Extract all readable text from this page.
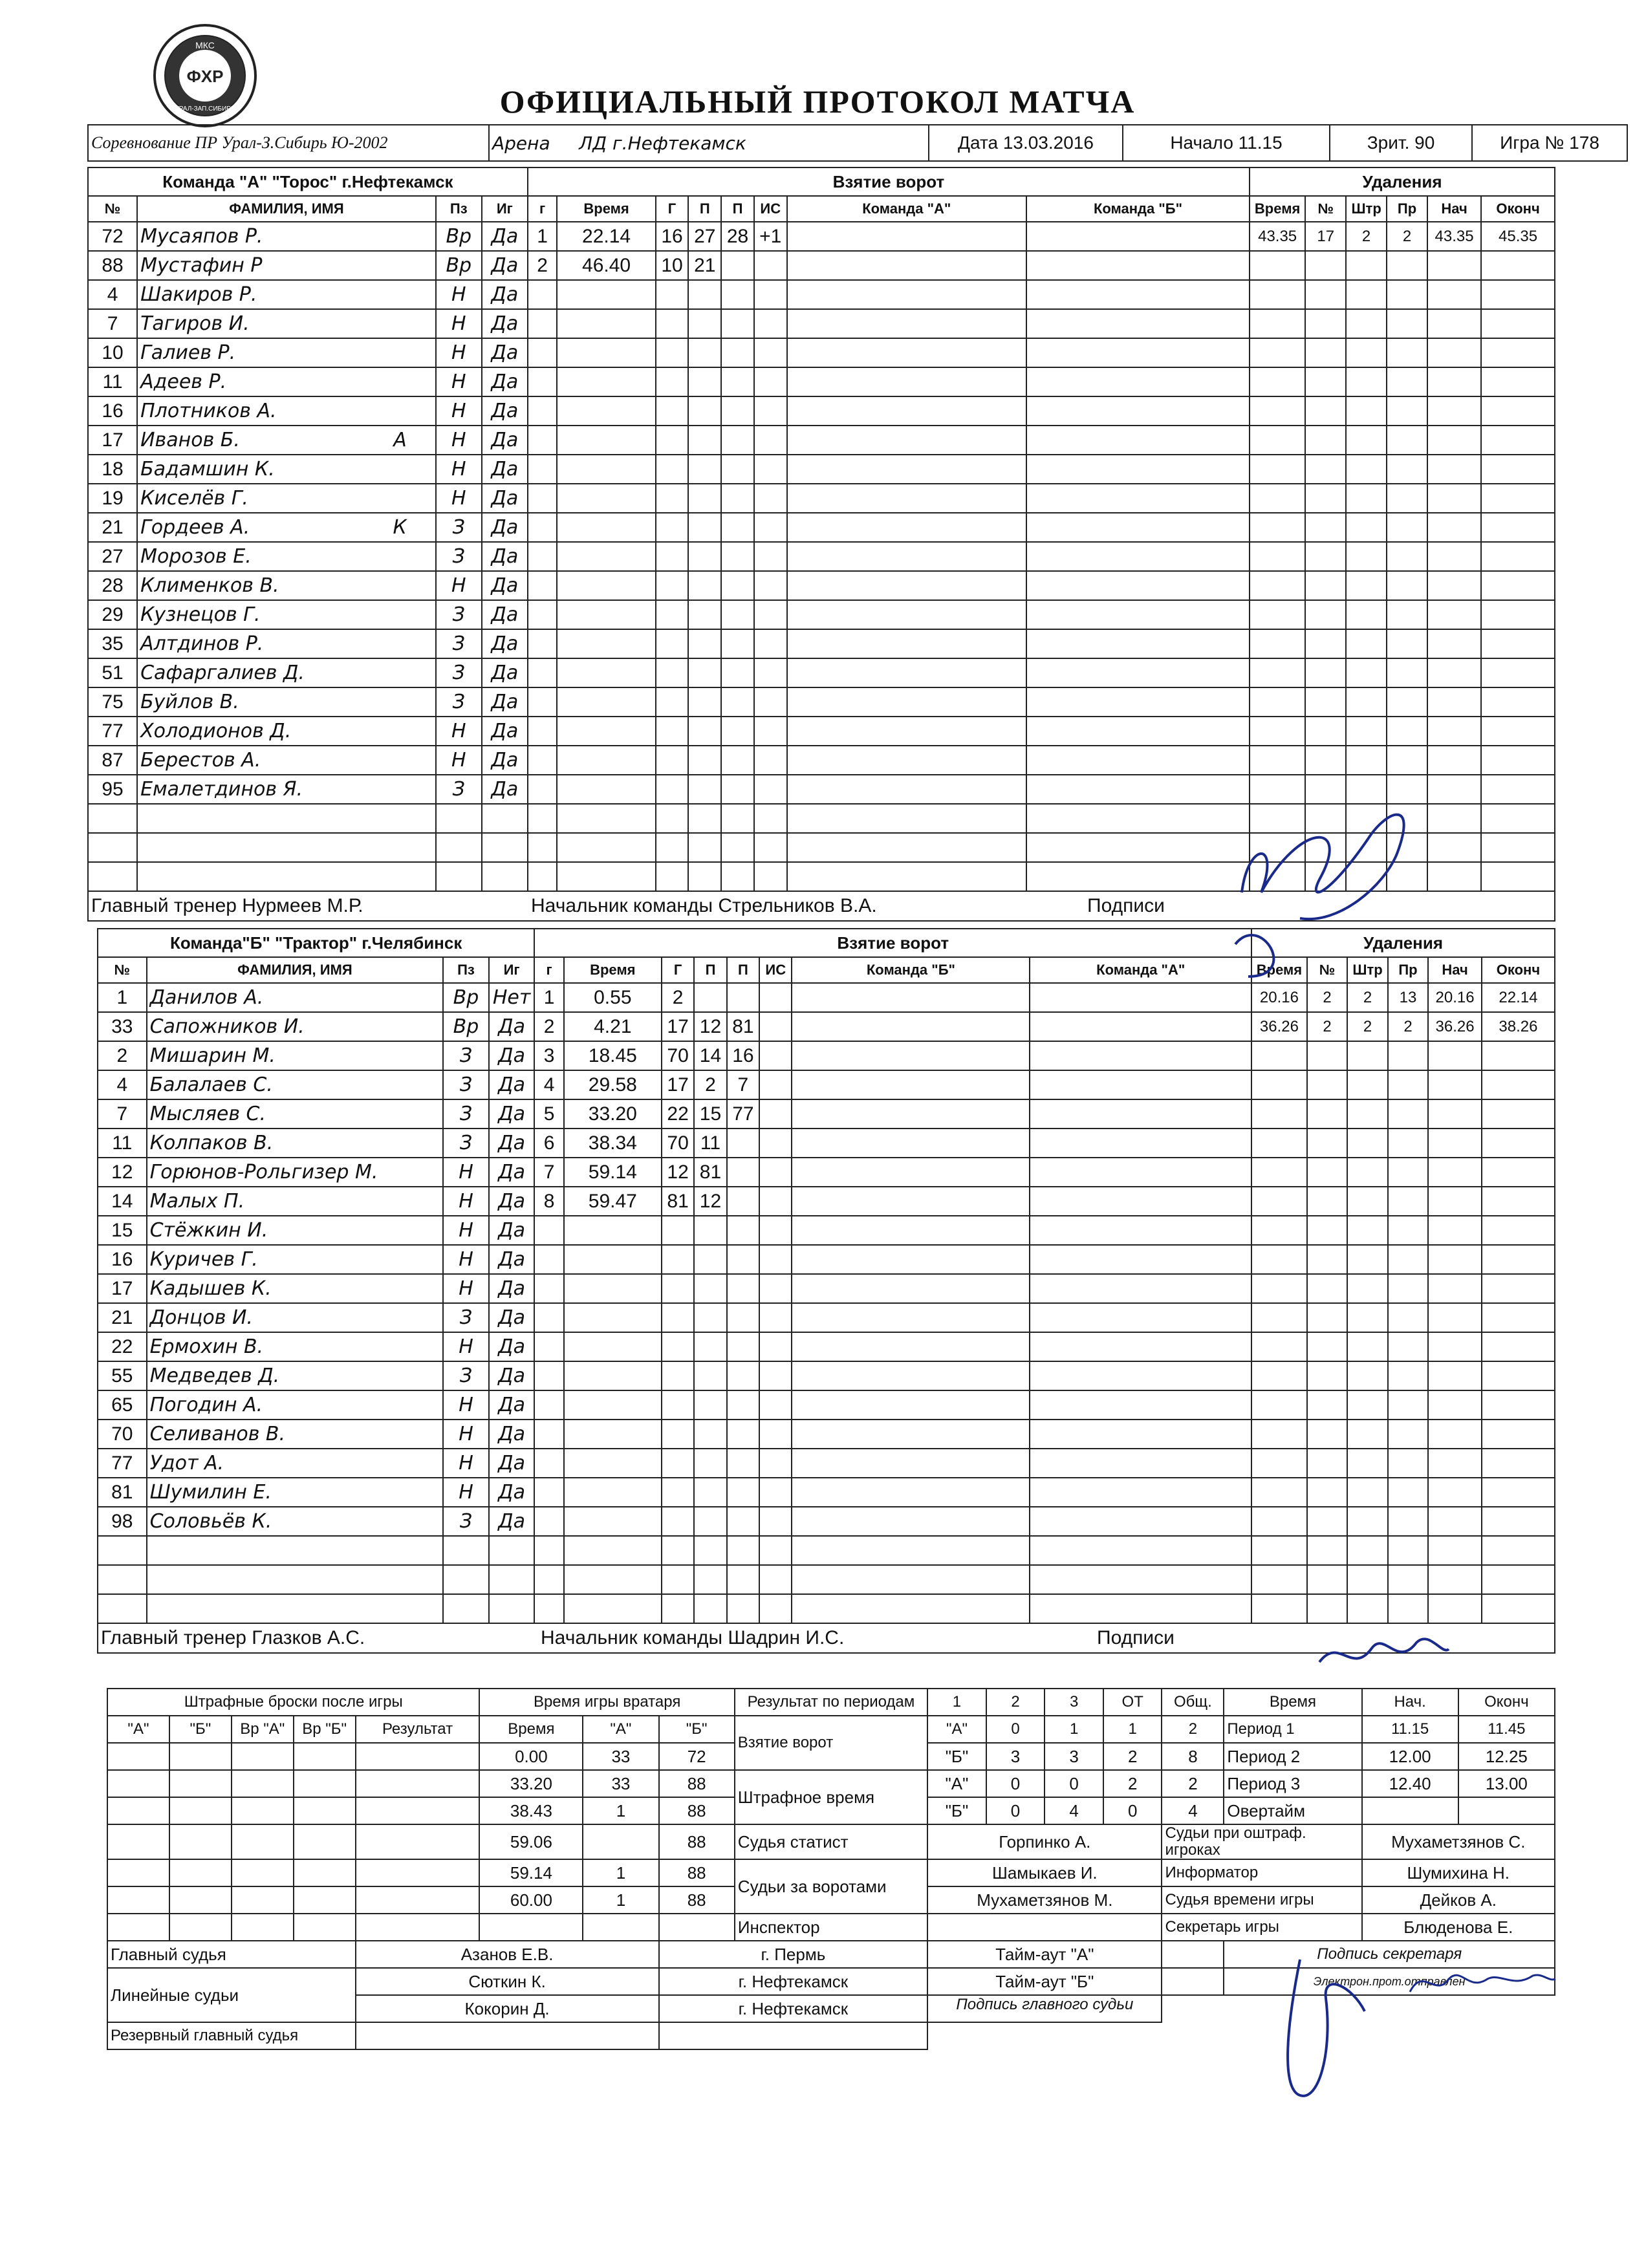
ФХР
МКС
УРАЛ-ЗАП.СИБИРЬ	ОФИЦИАЛЬНЫЙ ПРОТОКОЛ МАТЧА
Соревнование ПР Урал-З.Сибирь Ю-2002	Арена ЛД г.Нефтекамск	Дата 13.03.2016	Начало 11.15	Зрит. 90	Игра № 178
Команда "А" "Торос" г.Нефтекамск				Взятие ворот								Удаления					
№	ФАМИЛИЯ, ИМЯ	Пз	Иг	г	Время	Г	П	П	ИС	Команда "А"	Команда "Б"	Время	№	Штр	Пр	Нач	Оконч
72	Мусаяпов Р.	Вр	Да	1	22.14	16	27	28	+1			43.35	17	2	2	43.35	45.35
88	Мустафин Р	Вр	Да	2	46.40	10	21										
4	Шакиров Р.	Н	Да														
7	Тагиров И.	Н	Да														
10	Галиев Р.	Н	Да														
11	Адеев Р.	Н	Да														
16	Плотников А.	Н	Да														
17	Иванов Б. А	Н	Да														
18	Бадамшин К.	Н	Да														
19	Киселёв Г.	Н	Да														
21	Гордеев А. К	З	Да														
27	Морозов Е.	З	Да														
28	Клименков В.	Н	Да														
29	Кузнецов Г.	З	Да														
35	Алтдинов Р.	З	Да														
51	Сафаргалиев Д.	З	Да														
75	Буйлов В.	З	Да														
77	Холодионов Д.	Н	Да														
87	Берестов А.	Н	Да														
95	Емалетдинов Я.	З	Да														

Главный тренер Нурмеев М.Р. Начальник команды Стрельников В.А. Подписи																	
Команда"Б" "Трактор" г.Челябинск				Взятие ворот								Удаления					
№	ФАМИЛИЯ, ИМЯ	Пз	Иг	г	Время	Г	П	П	ИС	Команда "Б"	Команда "А"	Время	№	Штр	Пр	Нач	Оконч
1	Данилов А.	Вр	Нет	1	0.55	2						20.16	2	2	13	20.16	22.14
33	Сапожников И.	Вр	Да	2	4.21	17	12	81				36.26	2	2	2	36.26	38.26
2	Мишарин М.	З	Да	3	18.45	70	14	16									
4	Балалаев С.	З	Да	4	29.58	17	2	7									
7	Мысляев С.	З	Да	5	33.20	22	15	77									
11	Колпаков В.	З	Да	6	38.34	70	11										
12	Горюнов-Рольгизер М.	Н	Да	7	59.14	12	81										
14	Малых П.	Н	Да	8	59.47	81	12										
15	Стёжкин И.	Н	Да														
16	Куричев Г.	Н	Да														
17	Кадышев К.	Н	Да														
21	Донцов И.	З	Да														
22	Ермохин В.	Н	Да														
55	Медведев Д.	З	Да														
65	Погодин А.	Н	Да														
70	Селиванов В.	Н	Да														
77	Удот А.	Н	Да														
81	Шумилин Е.	Н	Да														
98	Соловьёв К.	З	Да														

Главный тренер Глазков А.С. Начальник команды Шадрин И.С. Подписи																	
Штрафные броски после игры					Время игры вратаря			Результат по периодам	1	2	3	ОТ	Общ.	Время	Нач.	Оконч
"А"	"Б"	Вр "А"	Вр "Б"	Результат	Время	"А"	"Б"	Взятие ворот	"А"	0	1	1	2	Период 1	11.15	11.45
					0.00	33	72		"Б"	3	3	2	8	Период 2	12.00	12.25
					33.20	33	88	Штрафное время	"А"	0	0	2	2	Период 3	12.40	13.00
					38.43	1	88		"Б"	0	4	0	4	Овертайм		
					59.06		88	Судья статист	Горпинко А.				Судьи при оштраф. игроках		Мухаметзянов С.	
					59.14	1	88	Судьи за воротами	Шамыкаев И.				Информатор		Шумихина Н.	
					60.00	1	88		Мухаметзянов М.				Судья времени игры		Дейков А.	
								Инспектор					Секретарь игры		Блюденова Е.	
Главный судья				Азанов Е.В.			г. Пермь		Тайм-аут "А"					Подпись секретаря		
Линейные судьи				Сюткин К.			г. Нефтекамск		Тайм-аут "Б"					Электрон.прот.отправлен		
				Кокорин Д.			г. Нефтекамск		Подпись главного судьи							
Резервный главный судья																
